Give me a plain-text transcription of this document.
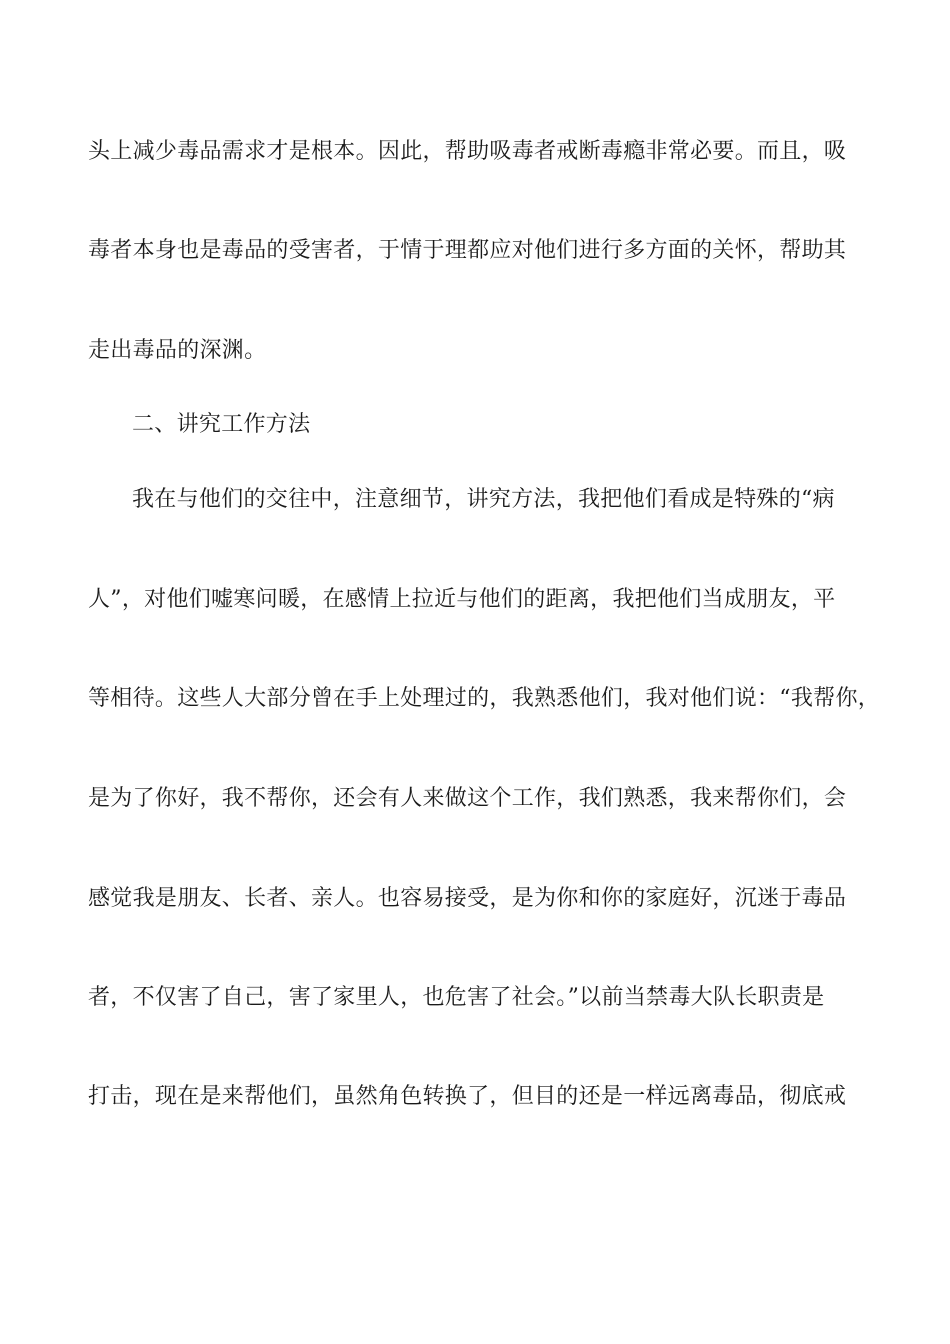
头上减少毒品需求才是根本。因此，帮助吸毒者戒断毒瘾非常必要。而且，吸
毒者本身也是毒品的受害者，于情于理都应对他们进行多方面的关怀，帮助其
走出毒品的深渊。
二、讲究工作方法
我在与他们的交往中，注意细节，讲究方法，我把他们看成是特殊的“病
人”，对他们嘘寒问暖，在感情上拉近与他们的距离，我把他们当成朋友，平
等相待。这些人大部分曾在手上处理过的，我熟悉他们，我对他们说：“我帮你，
是为了你好，我不帮你，还会有人来做这个工作，我们熟悉，我来帮你们，会
感觉我是朋友、长者、亲人。也容易接受，是为你和你的家庭好，沉迷于毒品
者，不仅害了自己，害了家里人，也危害了社会。”以前当禁毒大队长职责是
打击，现在是来帮他们，虽然角色转换了，但目的还是一样远离毒品，彻底戒
